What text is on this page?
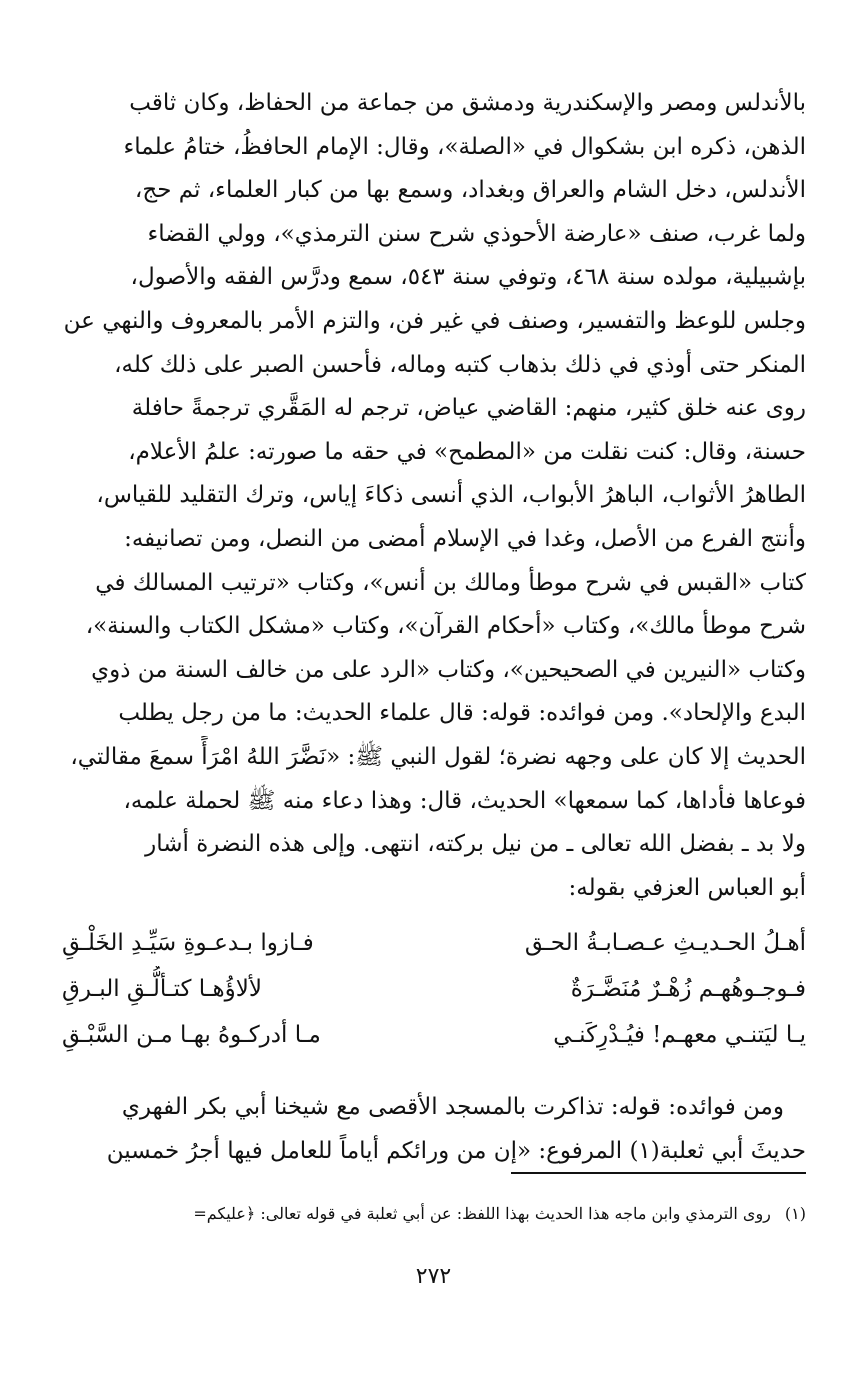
بالأندلس ومصر والإسكندرية ودمشق من جماعة من الحفاظ، وكان ثاقب
الذهن، ذكره ابن بشكوال في «الصلة»، وقال: الإمام الحافظُ، ختامُ علماء
الأندلس، دخل الشام والعراق وبغداد، وسمع بها من كبار العلماء، ثم حج،
ولما غرب، صنف «عارضة الأحوذي شرح سنن الترمذي»، وولي القضاء
بإشبيلية، مولده سنة ٤٦٨، وتوفي سنة ٥٤٣، سمع ودرَّس الفقه والأصول،
وجلس للوعظ والتفسير، وصنف في غير فن، والتزم الأمر بالمعروف والنهي عن
المنكر حتى أوذي في ذلك بذهاب كتبه وماله، فأحسن الصبر على ذلك كله،
روى عنه خلق كثير، منهم: القاضي عياض، ترجم له المَقَّري ترجمةً حافلة
حسنة، وقال: كنت نقلت من «المطمح» في حقه ما صورته: علمُ الأعلام،
الطاهرُ الأثواب، الباهرُ الأبواب، الذي أنسى ذكاءَ إياس، وترك التقليد للقياس،
وأنتج الفرع من الأصل، وغدا في الإسلام أمضى من النصل، ومن تصانيفه:
كتاب «القبس في شرح موطأ ومالك بن أنس»، وكتاب «ترتيب المسالك في
شرح موطأ مالك»، وكتاب «أحكام القرآن»، وكتاب «مشكل الكتاب والسنة»،
وكتاب «النيرين في الصحيحين»، وكتاب «الرد على من خالف السنة من ذوي
البدع والإلحاد». ومن فوائده: قوله: قال علماء الحديث: ما من رجل يطلب
الحديث إلا كان على وجهه نضرة؛ لقول النبي ﷺ: «نَضَّرَ اللهُ امْرَأً سمعَ مقالتي،
فوعاها فأداها، كما سمعها» الحديث، قال: وهذا دعاء منه ﷺ لحملة علمه،
ولا بد ـ بفضل الله تعالى ـ من نيل بركته، انتهى. وإلى هذه النضرة أشار
أبو العباس العزفي بقوله:
أهـلُ الحـديـثِ عـصـابـةُ الحـق
فـازوا بـدعـوةِ سَيِّـدِ الخَلْـقِ
فـوجـوهُهـم زُهْـرٌ مُنَضَّـرَةٌ
لألاؤُهـا كتـألُّـقِ البـرقِ
يـا ليَتنـي معهـم! فيُـدْرِكَنـي
مـا أدركـوهُ بهـا مـن السَّبْـقِ
ومن فوائده: قوله: تذاكرت بالمسجد الأقصى مع شيخنا أبي بكر الفهري
حديثَ أبي ثعلبة(١) المرفوع: «إن من ورائكم أياماً للعامل فيها أجرُ خمسين
(١)روى الترمذي وابن ماجه هذا الحديث بهذا اللفظ: عن أبي ثعلبة في قوله تعالى: ﴿عليكم=
٢٧٢
